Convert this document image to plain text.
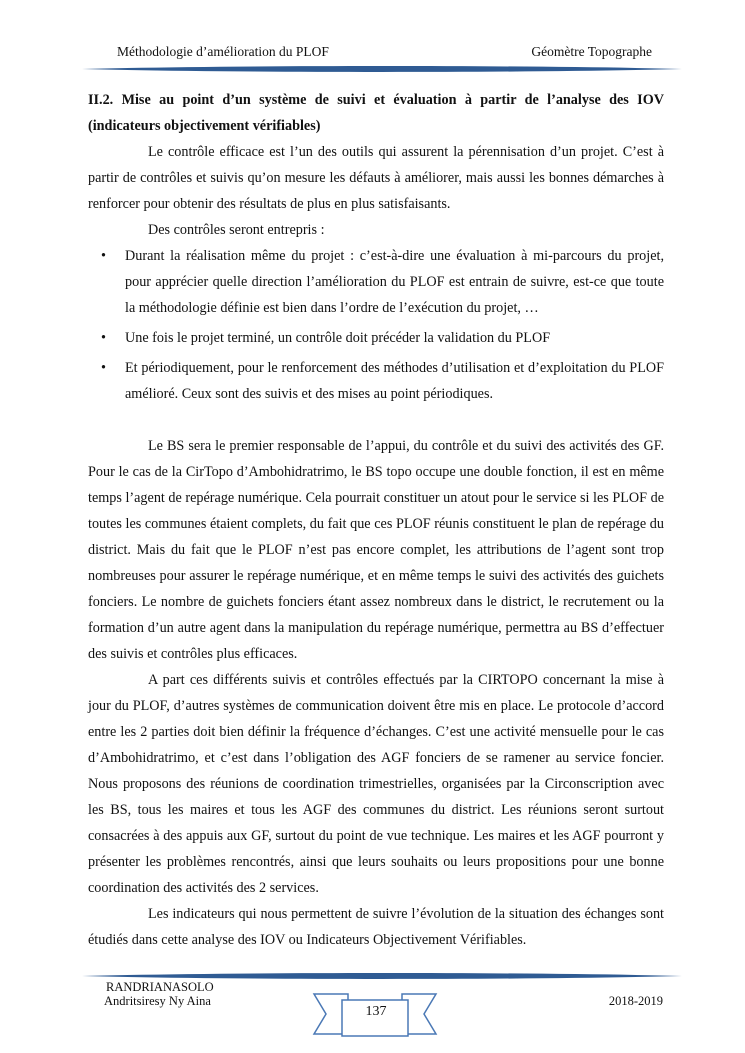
Méthodologie d’amélioration du PLOF	Géomètre Topographe

II.2. Mise au point d’un système de suivi et évaluation à partir de l’analyse des IOV (indicateurs objectivement vérifiables)

Le contrôle efficace est l’un des outils qui assurent la pérennisation d’un projet. C’est à partir de contrôles et suivis qu’on mesure les défauts à améliorer, mais aussi les bonnes démarches à renforcer pour obtenir des résultats de plus en plus satisfaisants.

Des contrôles seront entrepris :

• Durant la réalisation même du projet : c’est-à-dire une évaluation à mi-parcours du projet, pour apprécier quelle direction l’amélioration du PLOF est entrain de suivre, est-ce que toute la méthodologie définie est bien dans l’ordre de l’exécution du projet, …
• Une fois le projet terminé, un contrôle doit précéder la validation du PLOF
• Et périodiquement, pour le renforcement des méthodes d’utilisation et d’exploitation du PLOF amélioré. Ceux sont des suivis et des mises au point périodiques.

Le BS sera le premier responsable de l’appui, du contrôle et du suivi des activités des GF. Pour le cas de la CirTopo d’Ambohidratrimo, le BS topo occupe une double fonction, il est en même temps l’agent de repérage numérique. Cela pourrait constituer un atout pour le service si les PLOF de toutes les communes étaient complets, du fait que ces PLOF réunis constituent le plan de repérage du district. Mais du fait que le PLOF n’est pas encore complet, les attributions de l’agent sont trop nombreuses pour assurer le repérage numérique, et en même temps le suivi des activités des guichets fonciers. Le nombre de guichets fonciers étant assez nombreux dans le district, le recrutement ou la formation d’un autre agent dans la manipulation du repérage numérique, permettra au BS d’effectuer des suivis et contrôles plus efficaces.

A part ces différents suivis et contrôles effectués par la CIRTOPO concernant la mise à jour du PLOF, d’autres systèmes de communication doivent être mis en place. Le protocole d’accord entre les 2 parties doit bien définir la fréquence d’échanges. C’est une activité mensuelle pour le cas d’Ambohidratrimo, et c’est dans l’obligation des AGF fonciers de se ramener au service foncier. Nous proposons des réunions de coordination trimestrielles, organisées par la Circonscription avec les BS, tous les maires et tous les AGF des communes du district. Les réunions seront surtout consacrées à des appuis aux GF, surtout du point de vue technique. Les maires et les AGF pourront y présenter les problèmes rencontrés, ainsi que leurs souhaits ou leurs propositions pour une bonne coordination des activités des 2 services.

Les indicateurs qui nous permettent de suivre l’évolution de la situation des échanges sont étudiés dans cette analyse des IOV ou Indicateurs Objectivement Vérifiables.

RANDRIANASOLO
Andritsiresy Ny Aina	2018-2019
137
